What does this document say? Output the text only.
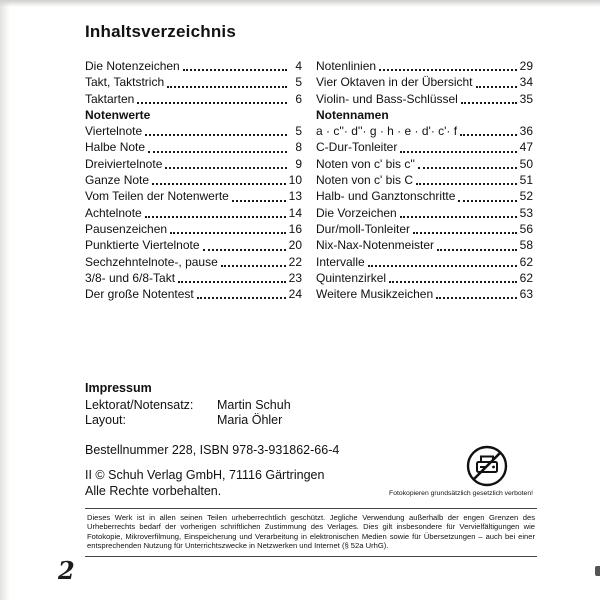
Inhaltsverzeichnis
Die Notenzeichen	4
Takt, Taktstrich	5
Taktarten	6
Notenwerte
Viertelnote	5
Halbe Note	8
Dreiviertelnote	9
Ganze Note	10
Vom Teilen der Notenwerte	13
Achtelnote	14
Pausenzeichen	16
Punktierte Viertelnote	20
Sechzehntelnote-, pause	22
3/8- und 6/8-Takt	23
Der große Notentest	24
Notenlinien	29
Vier Oktaven in der Übersicht	34
Violin- und Bass-Schlüssel	35
Notennamen
a · c''· d''· g · h · e · d'· c'· f	36
C-Dur-Tonleiter	47
Noten von c' bis c''	50
Noten von c' bis C	51
Halb- und Ganztonschritte	52
Die Vorzeichen	53
Dur/moll-Tonleiter	56
Nix-Nax-Notenmeister	58
Intervalle	62
Quintenzirkel	62
Weitere Musikzeichen	63
Impressum
Lektorat/Notensatz:	Martin Schuh
Layout:	Maria Öhler
Bestellnummer 228, ISBN 978-3-931862-66-4
II © Schuh Verlag GmbH, 71116 Gärtringen
Alle Rechte vorbehalten.	Fotokopieren grundsätzlich gesetzlich verboten!
Dieses Werk ist in allen seinen Teilen urheberrechtlich geschützt. Jegliche Verwendung außerhalb der engen Grenzen des Urheberrechts bedarf der vorherigen schriftlichen Zustimmung des Verlages. Dies gilt insbesondere für Vervielfältigungen wie Fotokopie, Mikroverfilmung, Einspeicherung und Verarbeitung in elektronischen Medien sowie für Übersetzungen – auch bei einer entsprechenden Nutzung für Unterrichtszwecke in Netzwerken und Internet (§ 52a UrhG).
2
